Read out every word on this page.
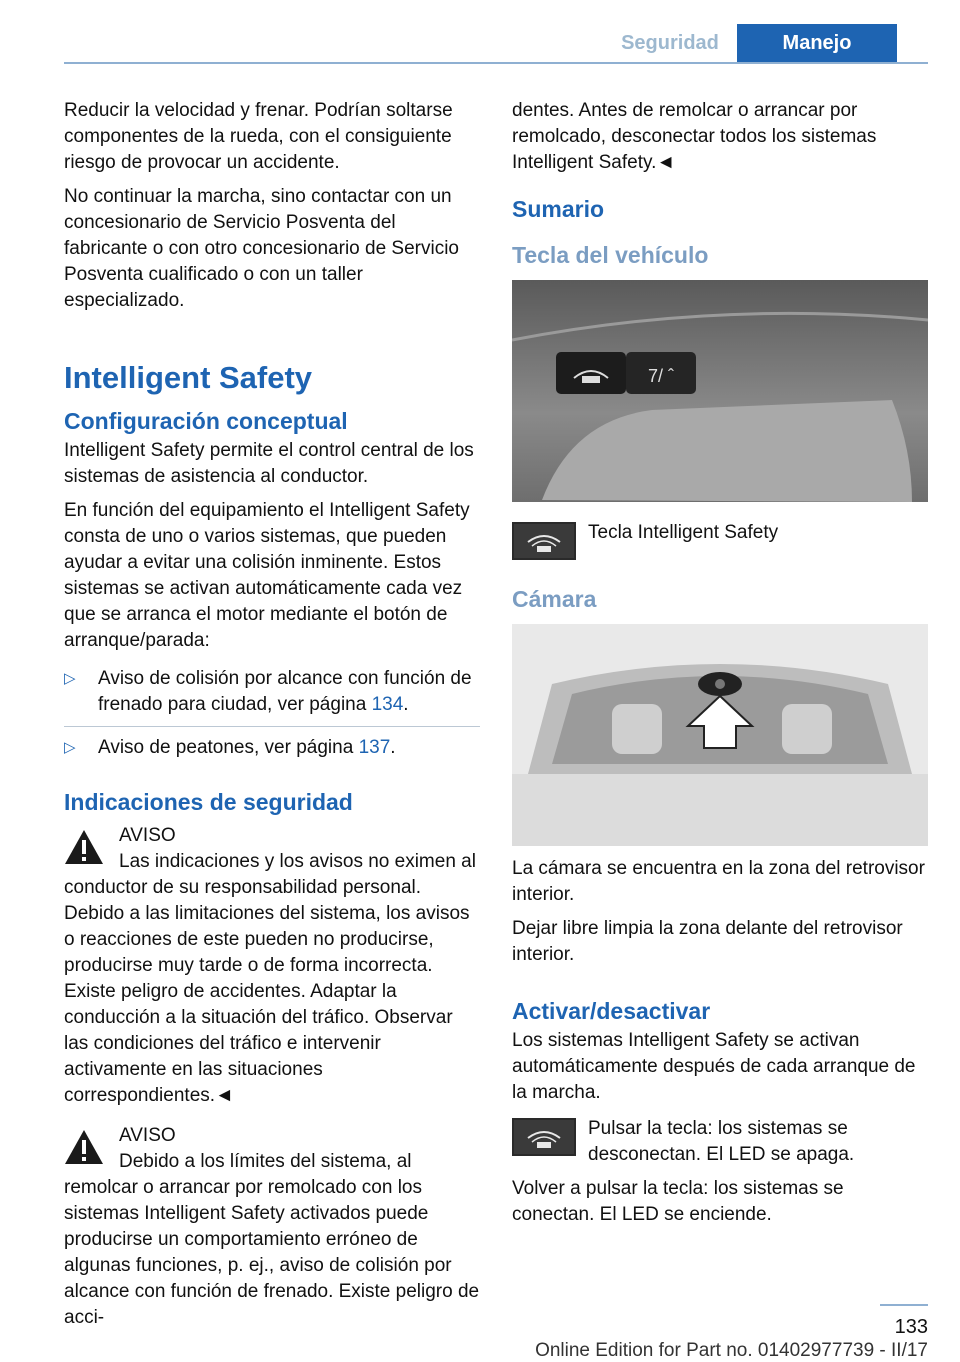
Seguridad	Manejo

Reducir la velocidad y frenar. Podrían soltarse componentes de la rueda, con el consiguiente riesgo de provocar un accidente.

No continuar la marcha, sino contactar con un concesionario de Servicio Posventa del fabricante o con otro concesionario de Servicio Posventa cualificado o con un taller especializado.

Intelligent Safety
Configuración conceptual

Intelligent Safety permite el control central de los sistemas de asistencia al conductor.

En función del equipamiento el Intelligent Safety consta de uno o varios sistemas, que pueden ayudar a evitar una colisión inminente. Estos sistemas se activan automáticamente cada vez que se arranca el motor mediante el botón de arranque/parada:

▷ Aviso de colisión por alcance con función de frenado para ciudad, ver página 134.
▷ Aviso de peatones, ver página 137.
Indicaciones de seguridad
AVISO

Las indicaciones y los avisos no eximen al conductor de su responsabilidad personal. Debido a las limitaciones del sistema, los avisos o reacciones de este pueden no producirse, producirse muy tarde o de forma incorrecta. Existe peligro de accidentes. Adaptar la conducción a la situación del tráfico. Observar las condiciones del tráfico e intervenir activamente en las situaciones correspondientes.◄

AVISO

Debido a los límites del sistema, al remolcar o arrancar por remolcado con los sistemas Intelligent Safety activados puede producirse un comportamiento erróneo de algunas funciones, p. ej., aviso de colisión por alcance con función de frenado. Existe peligro de acci-

dentes. Antes de remolcar o arrancar por remolcado, desconectar todos los sistemas Intelligent Safety.◄

Sumario
Tecla del vehículo
7/ ˆ

Tecla Intelligent Safety

Cámara

La cámara se encuentra en la zona del retrovisor interior.

Dejar libre limpia la zona delante del retrovisor interior.

Activar/desactivar

Los sistemas Intelligent Safety se activan automáticamente después de cada arranque de la marcha.

Pulsar la tecla: los sistemas se desconectan. El LED se apaga.

Volver a pulsar la tecla: los sistemas se conectan. El LED se enciende.

133
Online Edition for Part no. 01402977739 - II/17
